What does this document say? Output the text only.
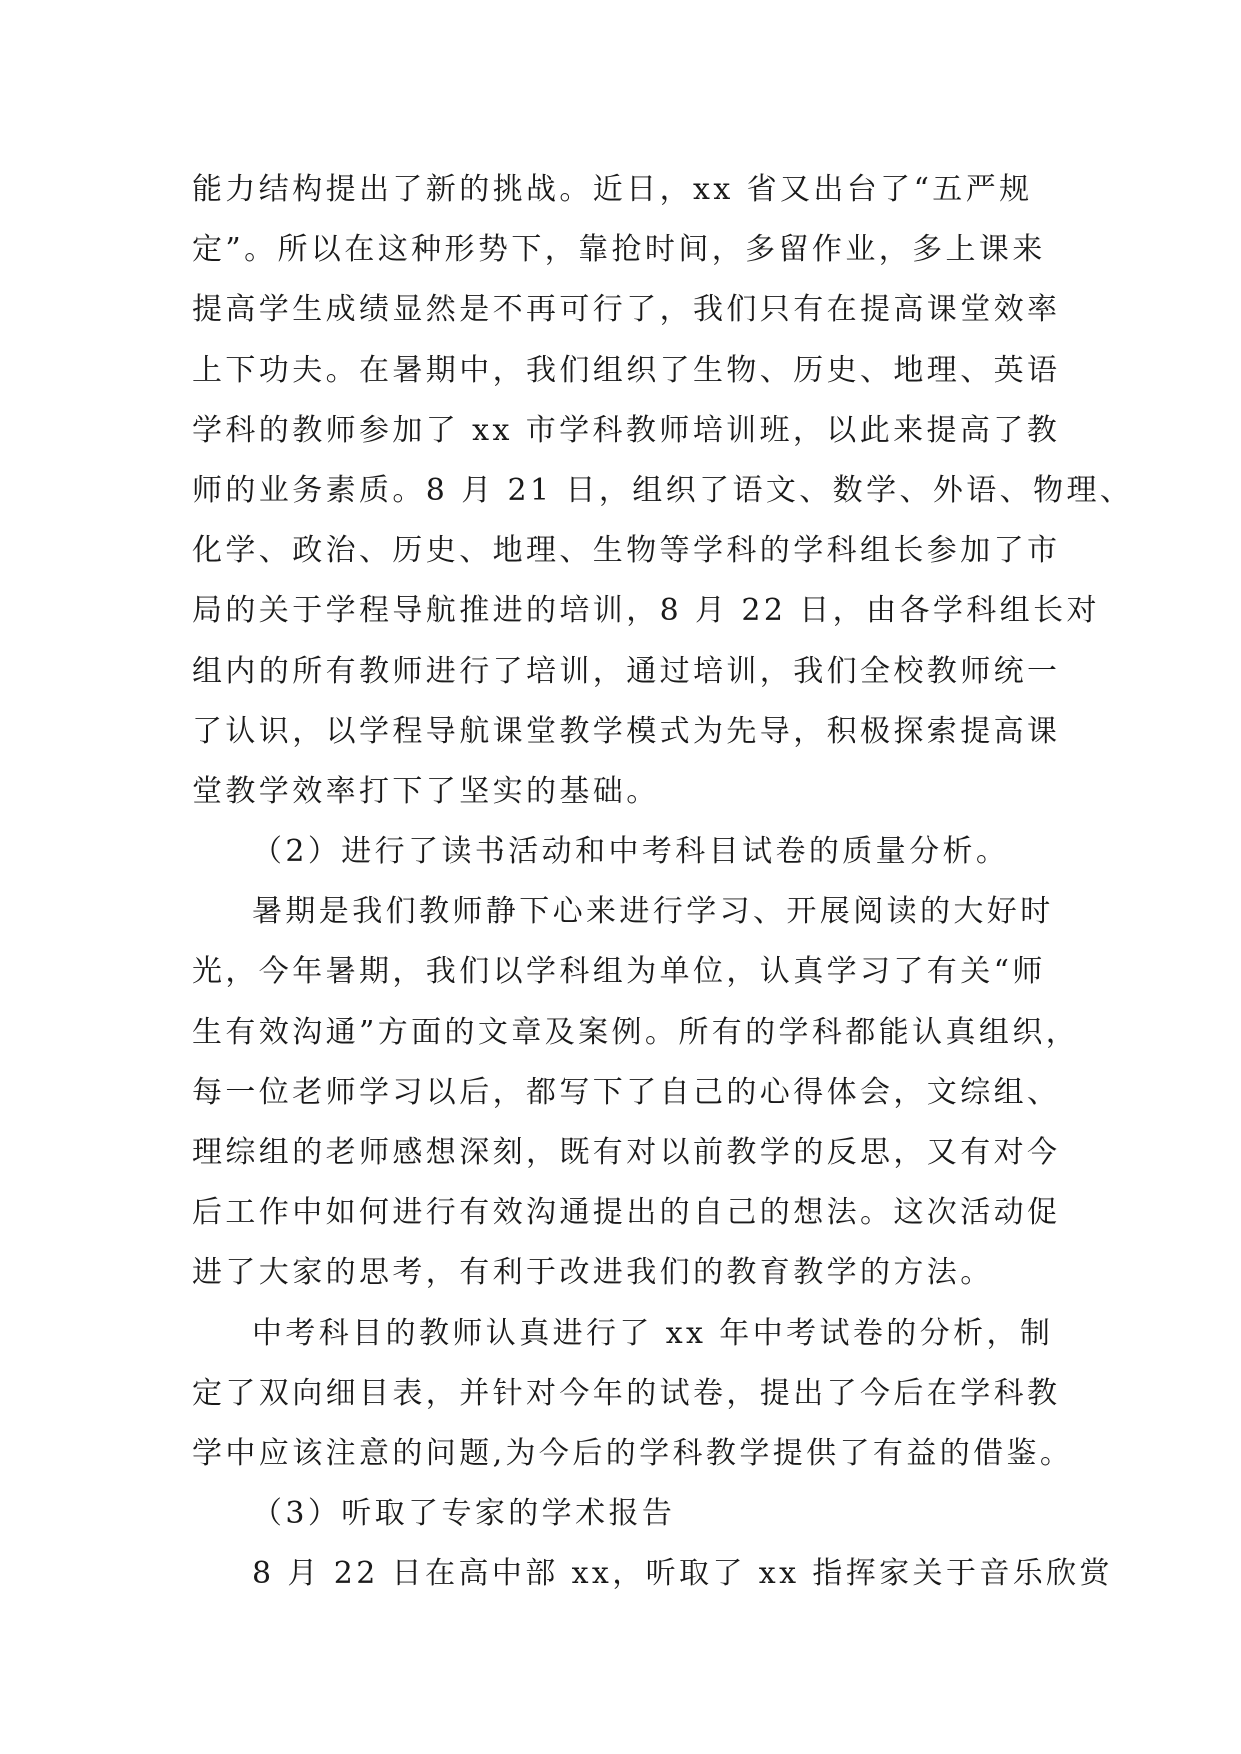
能力结构提出了新的挑战。近日，xx 省又出台了“五严规
定”。所以在这种形势下，靠抢时间，多留作业，多上课来
提高学生成绩显然是不再可行了，我们只有在提高课堂效率
上下功夫。在暑期中，我们组织了生物、历史、地理、英语
学科的教师参加了 xx 市学科教师培训班，以此来提高了教
师的业务素质。8 月 21 日，组织了语文、数学、外语、物理、
化学、政治、历史、地理、生物等学科的学科组长参加了市
局的关于学程导航推进的培训，8 月 22 日，由各学科组长对
组内的所有教师进行了培训，通过培训，我们全校教师统一
了认识，以学程导航课堂教学模式为先导，积极探索提高课
堂教学效率打下了坚实的基础。
（2）进行了读书活动和中考科目试卷的质量分析。
暑期是我们教师静下心来进行学习、开展阅读的大好时
光，今年暑期，我们以学科组为单位，认真学习了有关“师
生有效沟通”方面的文章及案例。所有的学科都能认真组织，
每一位老师学习以后，都写下了自己的心得体会，文综组、
理综组的老师感想深刻，既有对以前教学的反思，又有对今
后工作中如何进行有效沟通提出的自己的想法。这次活动促
进了大家的思考，有利于改进我们的教育教学的方法。
中考科目的教师认真进行了 xx 年中考试卷的分析，制
定了双向细目表，并针对今年的试卷，提出了今后在学科教
学中应该注意的问题,为今后的学科教学提供了有益的借鉴。
（3）听取了专家的学术报告
8 月 22 日在高中部 xx，听取了 xx 指挥家关于音乐欣赏
